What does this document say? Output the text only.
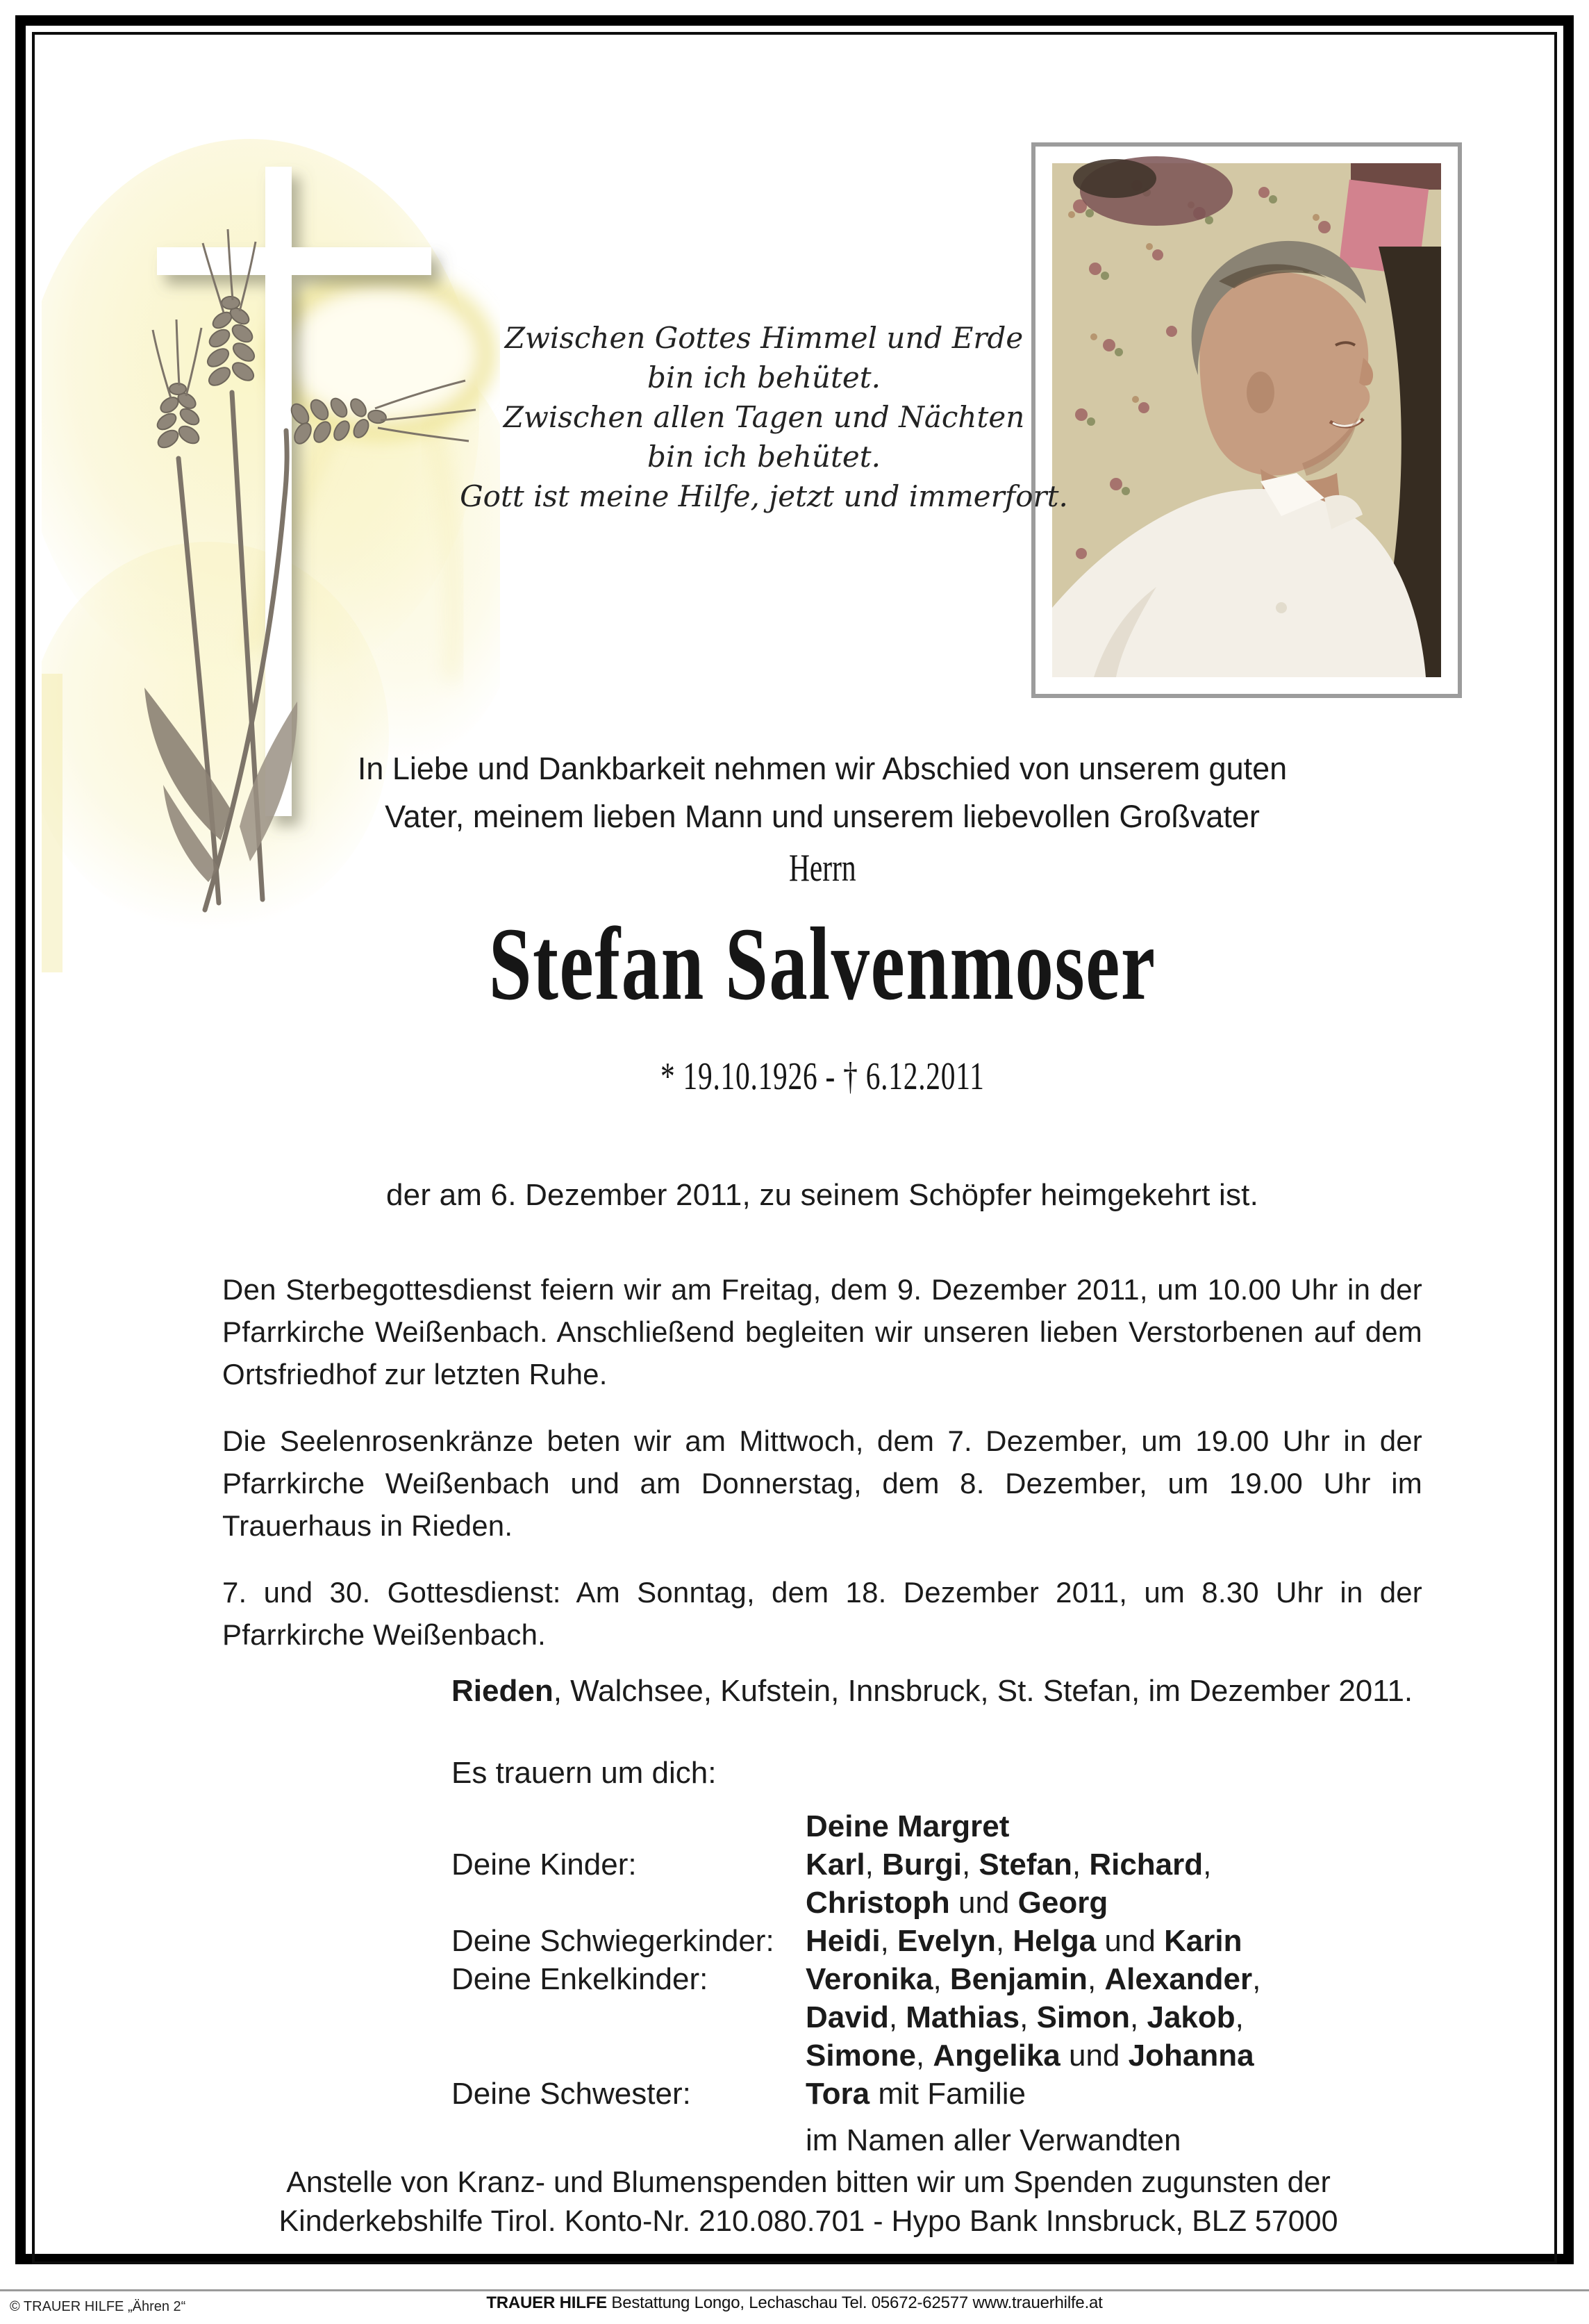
Zwischen Gottes Himmel und Erde
bin ich behütet.
Zwischen allen Tagen und Nächten
bin ich behütet.
Gott ist meine Hilfe, jetzt und immerfort.
In Liebe und Dankbarkeit nehmen wir Abschied von unserem guten
Vater, meinem lieben Mann und unserem liebevollen Großvater
Herrn
Stefan Salvenmoser
* 19.10.1926 - † 6.12.2011
der am 6. Dezember 2011, zu seinem Schöpfer heimgekehrt ist.
Den Sterbegottesdienst feiern wir am Freitag, dem 9. Dezember 2011, um 10.00 Uhr in der Pfarrkirche Weißenbach. Anschließend begleiten wir unseren lieben Verstorbenen auf dem Ortsfriedhof zur letzten Ruhe.
Die Seelenrosenkränze beten wir am Mittwoch, dem 7. Dezember, um 19.00 Uhr in der Pfarrkirche Weißenbach und am Donnerstag, dem 8. Dezember, um 19.00 Uhr im Trauerhaus in Rieden.
7. und 30. Gottesdienst: Am Sonntag, dem 18. Dezember 2011, um 8.30 Uhr in der Pfarrkirche Weißenbach.
Rieden, Walchsee, Kufstein, Innsbruck, St. Stefan, im Dezember 2011.
Es trauern um dich:
Deine Margret
Deine Kinder:	Karl, Burgi, Stefan, Richard,
Christoph und Georg
Deine Schwiegerkinder:	Heidi, Evelyn, Helga und Karin
Deine Enkelkinder:	Veronika, Benjamin, Alexander,
David, Mathias, Simon, Jakob,
Simone, Angelika und Johanna
Deine Schwester:	Tora mit Familie
im Namen aller Verwandten
Anstelle von Kranz- und Blumenspenden bitten wir um Spenden zugunsten der
Kinderkebshilfe Tirol. Konto-Nr. 210.080.701 - Hypo Bank Innsbruck, BLZ 57000
© TRAUER HILFE „Ähren 2“	TRAUER HILFE Bestattung Longo, Lechaschau Tel. 05672-62577 www.trauerhilfe.at
